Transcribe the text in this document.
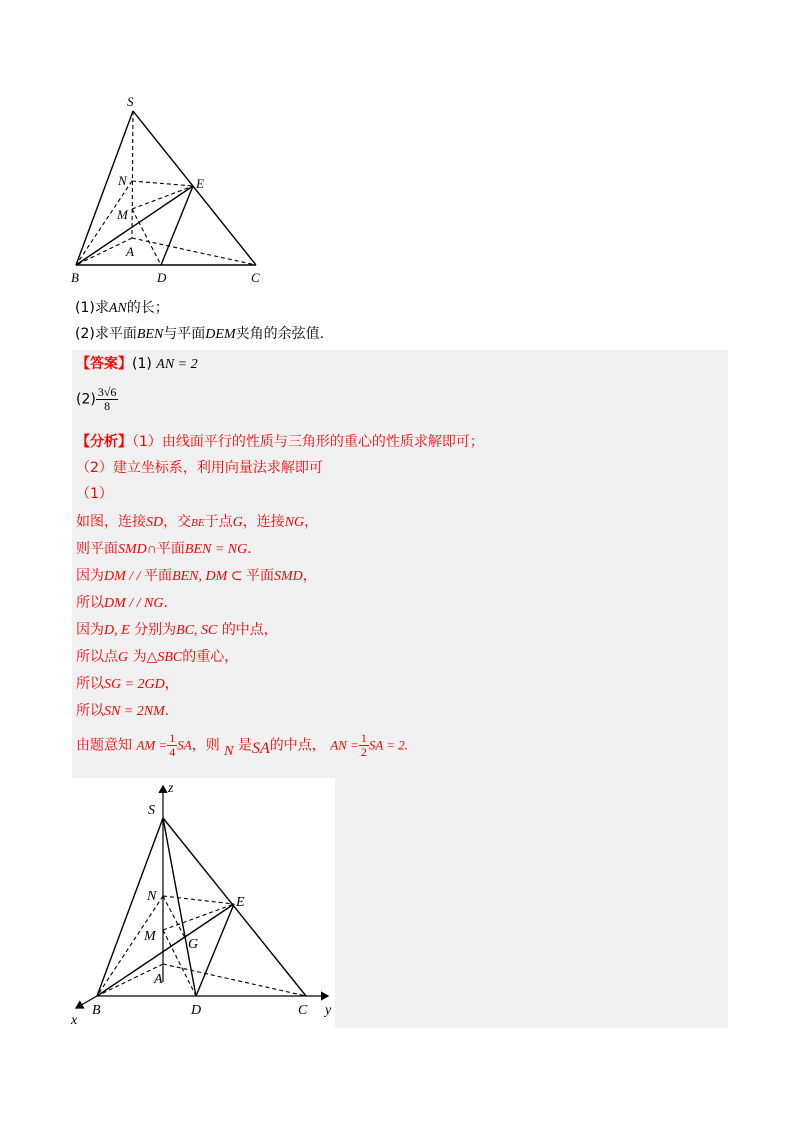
S
N	E
M
A
B	D	C
(1)求AN的长；
(2)求平面BEN与平面DEM夹角的余弦值.
【答案】(1) AN = 2
$(2) \frac{3√6}{8}$
【分析】（1）由线面平行的性质与三角形的重心的性质求解即可；
（2）建立坐标系，利用向量法求解即可
（1）
如图，连接SD，交BE于点G，连接NG，
则平面SMD∩平面BEN = NG.
因为DM / / 平面BEN, DM ⊂ 平面SMD，
所以DM / / NG.
因为D, E 分别为BC, SC 的中点，
所以点G 为△SBC的重心，
所以SG = 2GD，
所以SN = 2NM.
由题意知 AM = $\frac{1}{4}$ SA，则 N 是SA的中点， AN = $\frac{1}{2}$ SA = 2.
z
S
N	E
M
G
A
x
B	D	C y
